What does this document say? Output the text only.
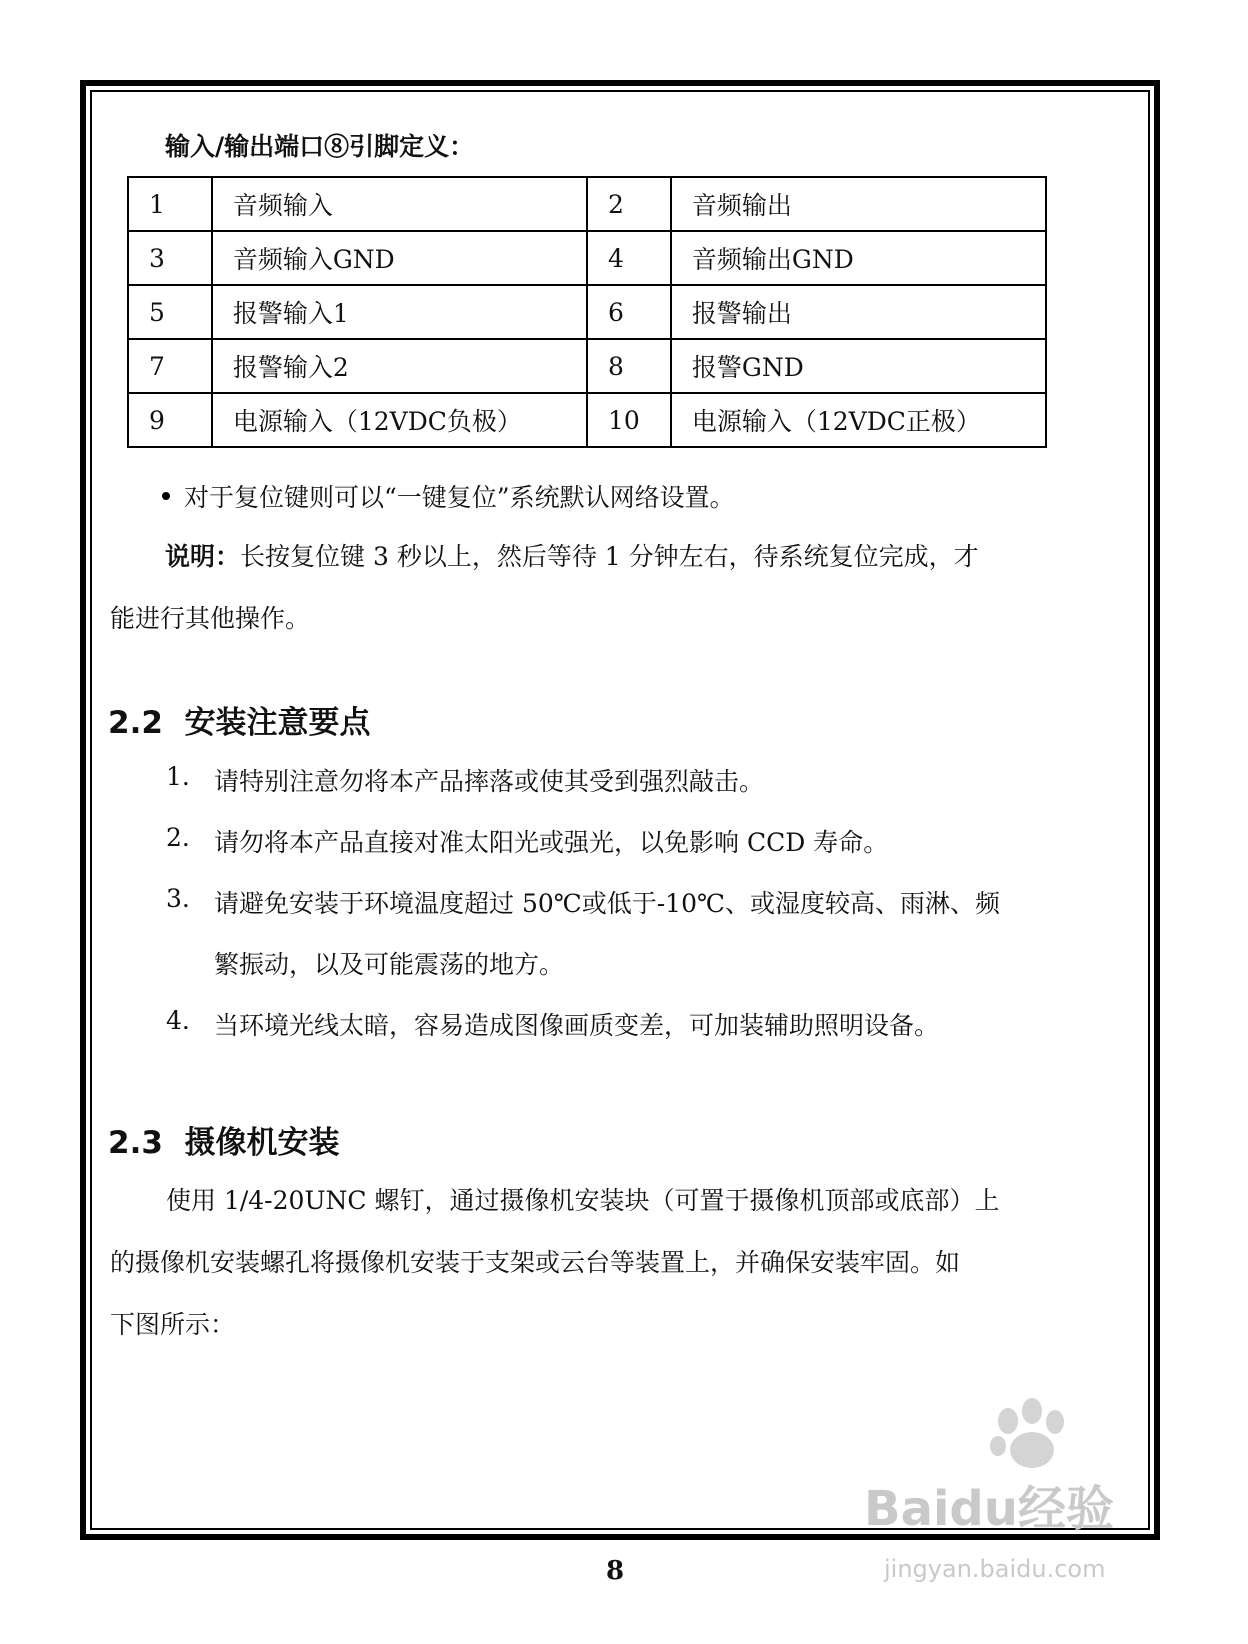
输入/输出端口⑧引脚定义：
1	音频输入	2	音频输出
3	音频输入GND	4	音频输出GND
5	报警输入1	6	报警输出
7	报警输入2	8	报警GND
9	电源输入（12VDC负极）	10	电源输入（12VDC正极）
对于复位键则可以“一键复位”系统默认网络设置。
说明：长按复位键 3 秒以上，然后等待 1 分钟左右，待系统复位完成，才
能进行其他操作。
2.2 安装注意要点
1. 请特别注意勿将本产品摔落或使其受到强烈敲击。
2. 请勿将本产品直接对准太阳光或强光，以免影响 CCD 寿命。
3. 请避免安装于环境温度超过 50℃或低于-10℃、或湿度较高、雨淋、频
繁振动，以及可能震荡的地方。
4. 当环境光线太暗，容易造成图像画质变差，可加装辅助照明设备。
2.3 摄像机安装
使用 1/4-20UNC 螺钉，通过摄像机安装块（可置于摄像机顶部或底部）上
的摄像机安装螺孔将摄像机安装于支架或云台等装置上，并确保安装牢固。如
下图所示：
8
Baidu经验
jingyan.baidu.com
